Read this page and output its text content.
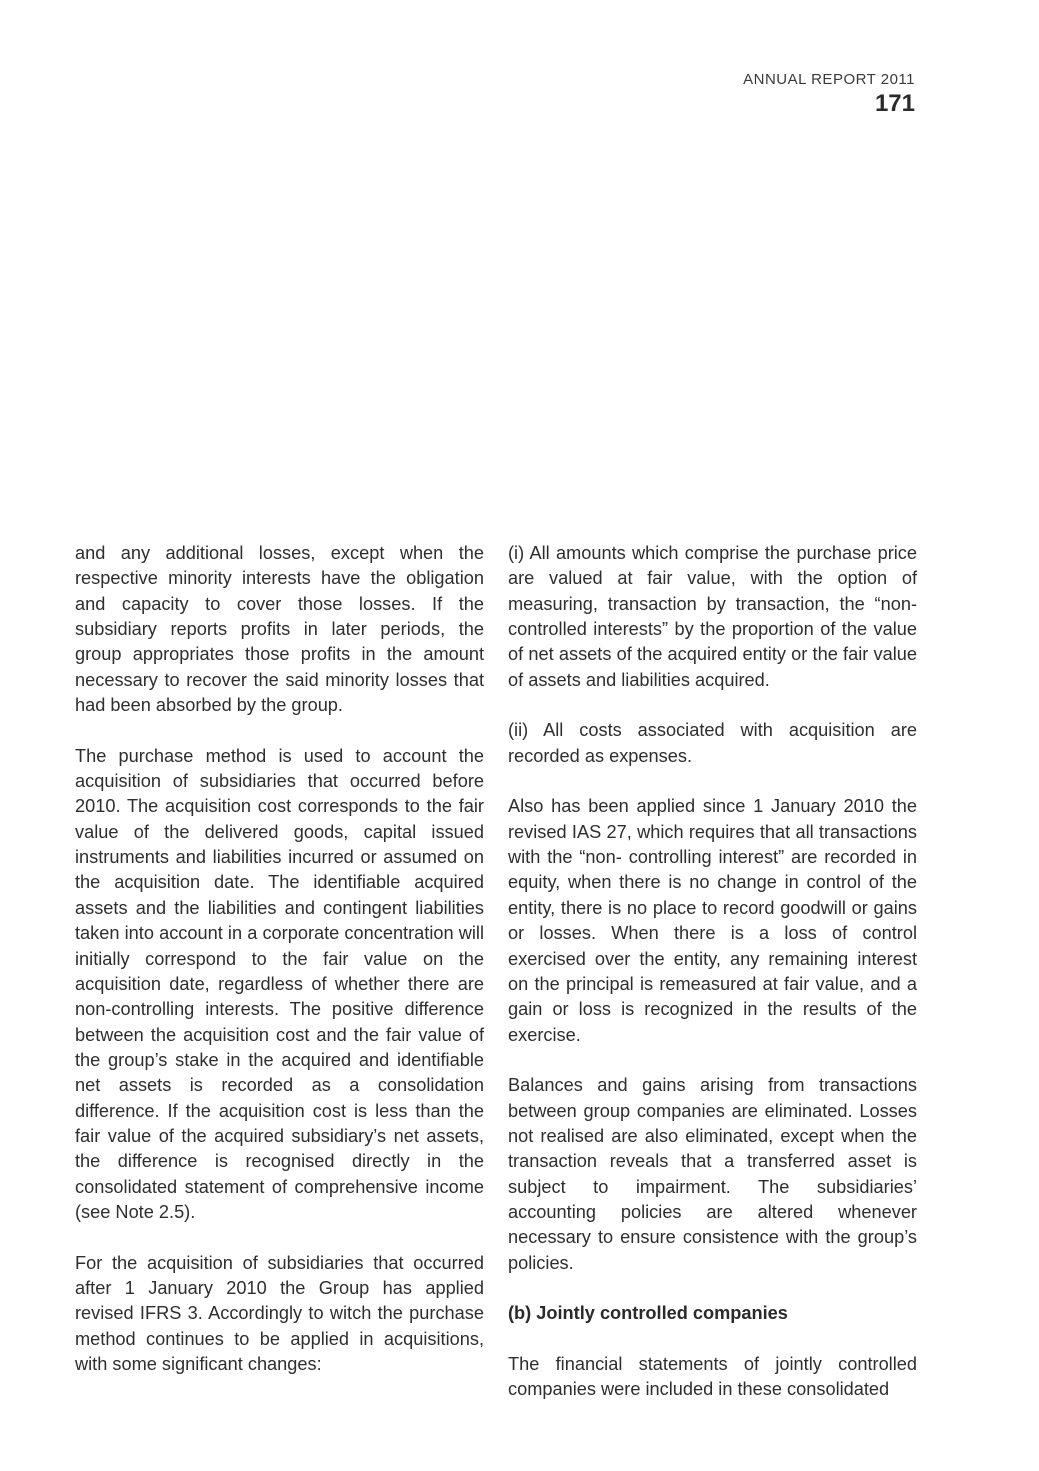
ANNUAL REPORT 2011
171

and any additional losses, except when the respective minority interests have the obligation and capacity to cover those losses. If the subsidiary reports profits in later periods, the group appropriates those profits in the amount necessary to recover the said minority losses that had been absorbed by the group.

The purchase method is used to account the acquisition of subsidiaries that occurred before 2010. The acquisition cost corresponds to the fair value of the delivered goods, capital issued instruments and liabilities incurred or assumed on the acquisition date. The identifiable acquired assets and the liabilities and contingent liabilities taken into account in a corporate concentration will initially correspond to the fair value on the acquisition date, regardless of whether there are non-controlling interests. The positive difference between the acquisition cost and the fair value of the group’s stake in the acquired and identifiable net assets is recorded as a consolidation difference. If the acquisition cost is less than the fair value of the acquired subsidiary’s net assets, the difference is recognised directly in the consolidated statement of comprehensive income (see Note 2.5).

For the acquisition of subsidiaries that occurred after 1 January 2010 the Group has applied revised IFRS 3. Accordingly to witch the purchase method continues to be applied in acquisitions, with some significant changes:

(i) All amounts which comprise the purchase price are valued at fair value, with the option of measuring, transaction by transaction, the “non-controlled interests” by the proportion of the value of net assets of the acquired entity or the fair value of assets and liabilities acquired.

(ii) All costs associated with acquisition are recorded as expenses.

Also has been applied since 1 January 2010 the revised IAS 27, which requires that all transactions with the “non- controlling interest” are recorded in equity, when there is no change in control of the entity, there is no place to record goodwill or gains or losses. When there is a loss of control exercised over the entity, any remaining interest on the principal is remeasured at fair value, and a gain or loss is recognized in the results of the exercise.

Balances and gains arising from transactions between group companies are eliminated. Losses not realised are also eliminated, except when the transaction reveals that a transferred asset is subject to impairment. The subsidiaries’ accounting policies are altered whenever necessary to ensure consistence with the group’s policies.

(b) Jointly controlled companies

The financial statements of jointly controlled companies were included in these consolidated
